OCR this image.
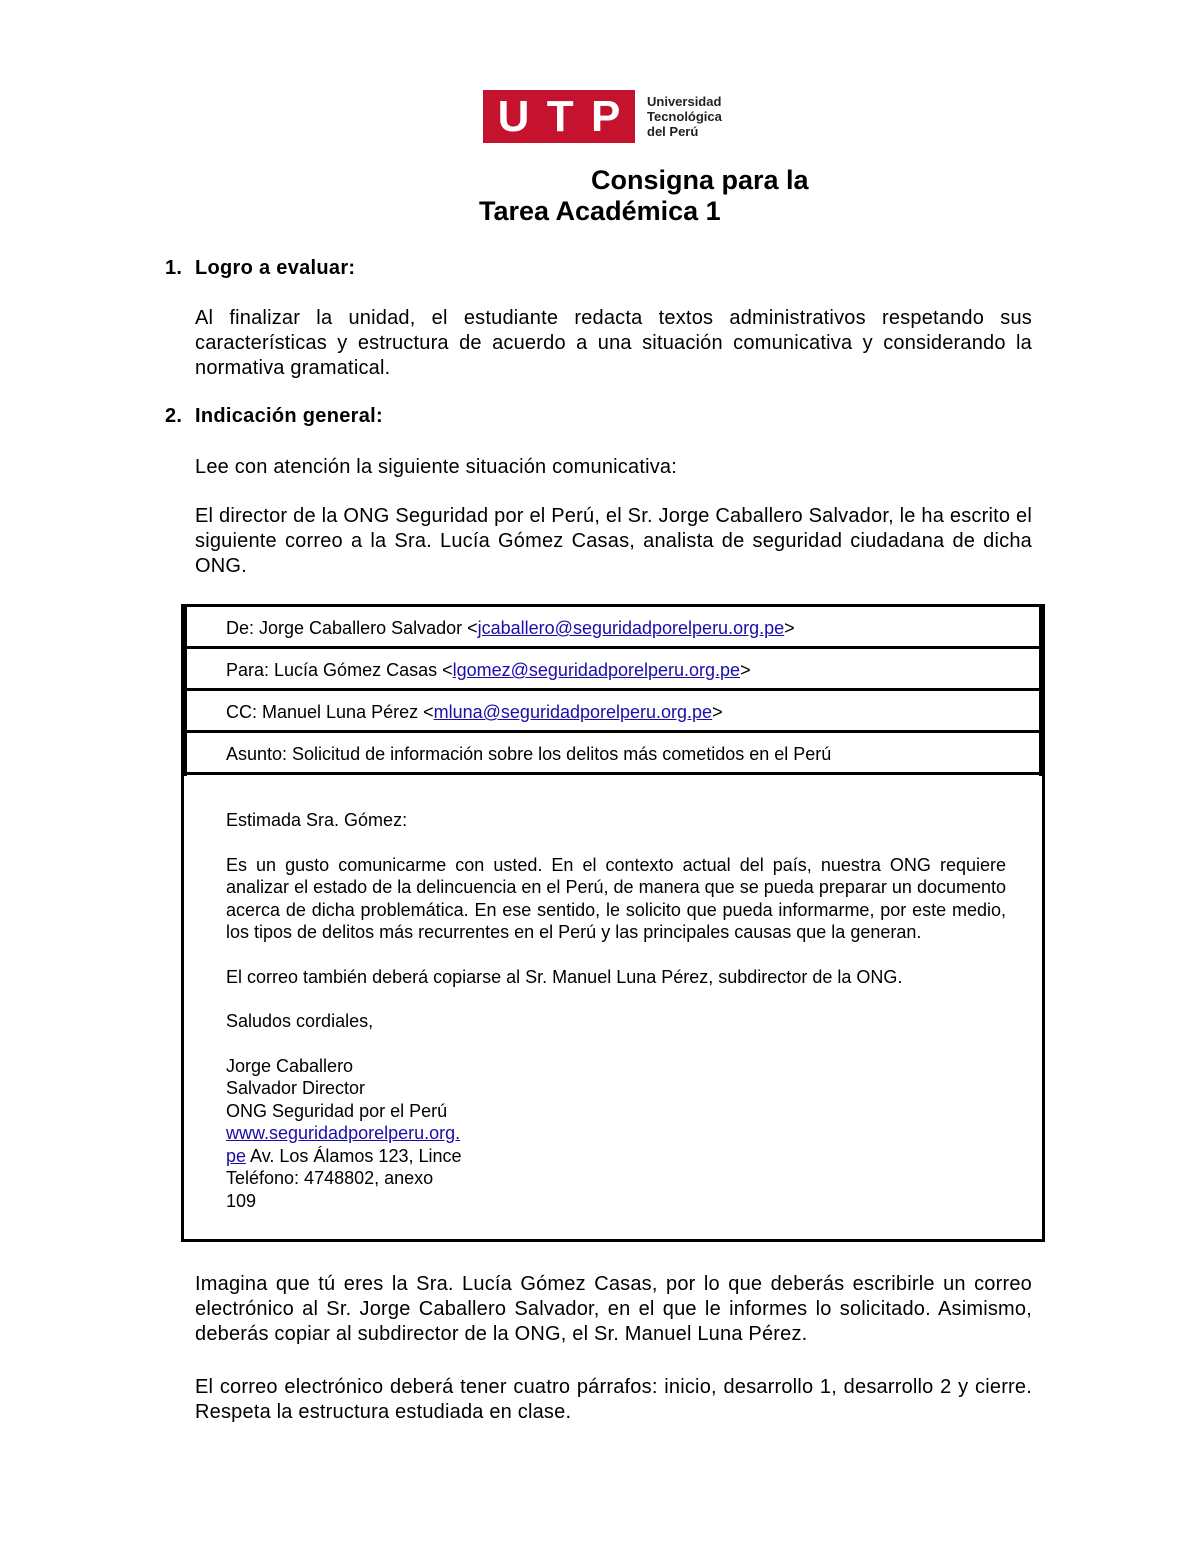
U T P Universidad
Tecnológica
del Perú
Consigna para la
Tarea Académica 1
1. Logro a evaluar:
Al finalizar la unidad, el estudiante redacta textos administrativos respetando sus características y estructura de acuerdo a una situación comunicativa y considerando la normativa gramatical.
2. Indicación general:
Lee con atención la siguiente situación comunicativa:
El director de la ONG Seguridad por el Perú, el Sr. Jorge Caballero Salvador, le ha escrito el siguiente correo a la Sra. Lucía Gómez Casas, analista de seguridad ciudadana de dicha ONG.
De: Jorge Caballero Salvador <jcaballero@seguridadporelperu.org.pe>
Para: Lucía Gómez Casas <lgomez@seguridadporelperu.org.pe>
CC: Manuel Luna Pérez <mluna@seguridadporelperu.org.pe>
Asunto: Solicitud de información sobre los delitos más cometidos en el Perú

Estimada Sra. Gómez:

Es un gusto comunicarme con usted. En el contexto actual del país, nuestra ONG requiere analizar el estado de la delincuencia en el Perú, de manera que se pueda preparar un documento acerca de dicha problemática. En ese sentido, le solicito que pueda informarme, por este medio, los tipos de delitos más recurrentes en el Perú y las principales causas que la generan.

El correo también deberá copiarse al Sr. Manuel Luna Pérez, subdirector de la ONG.

Saludos cordiales,

Jorge Caballero

Salvador Director

ONG Seguridad por el Perú

www.seguridadporelperu.org.

pe Av. Los Álamos 123, Lince

Teléfono: 4748802, anexo

109

Imagina que tú eres la Sra. Lucía Gómez Casas, por lo que deberás escribirle un correo electrónico al Sr. Jorge Caballero Salvador, en el que le informes lo solicitado. Asimismo, deberás copiar al subdirector de la ONG, el Sr. Manuel Luna Pérez.
El correo electrónico deberá tener cuatro párrafos: inicio, desarrollo 1, desarrollo 2 y cierre. Respeta la estructura estudiada en clase.
